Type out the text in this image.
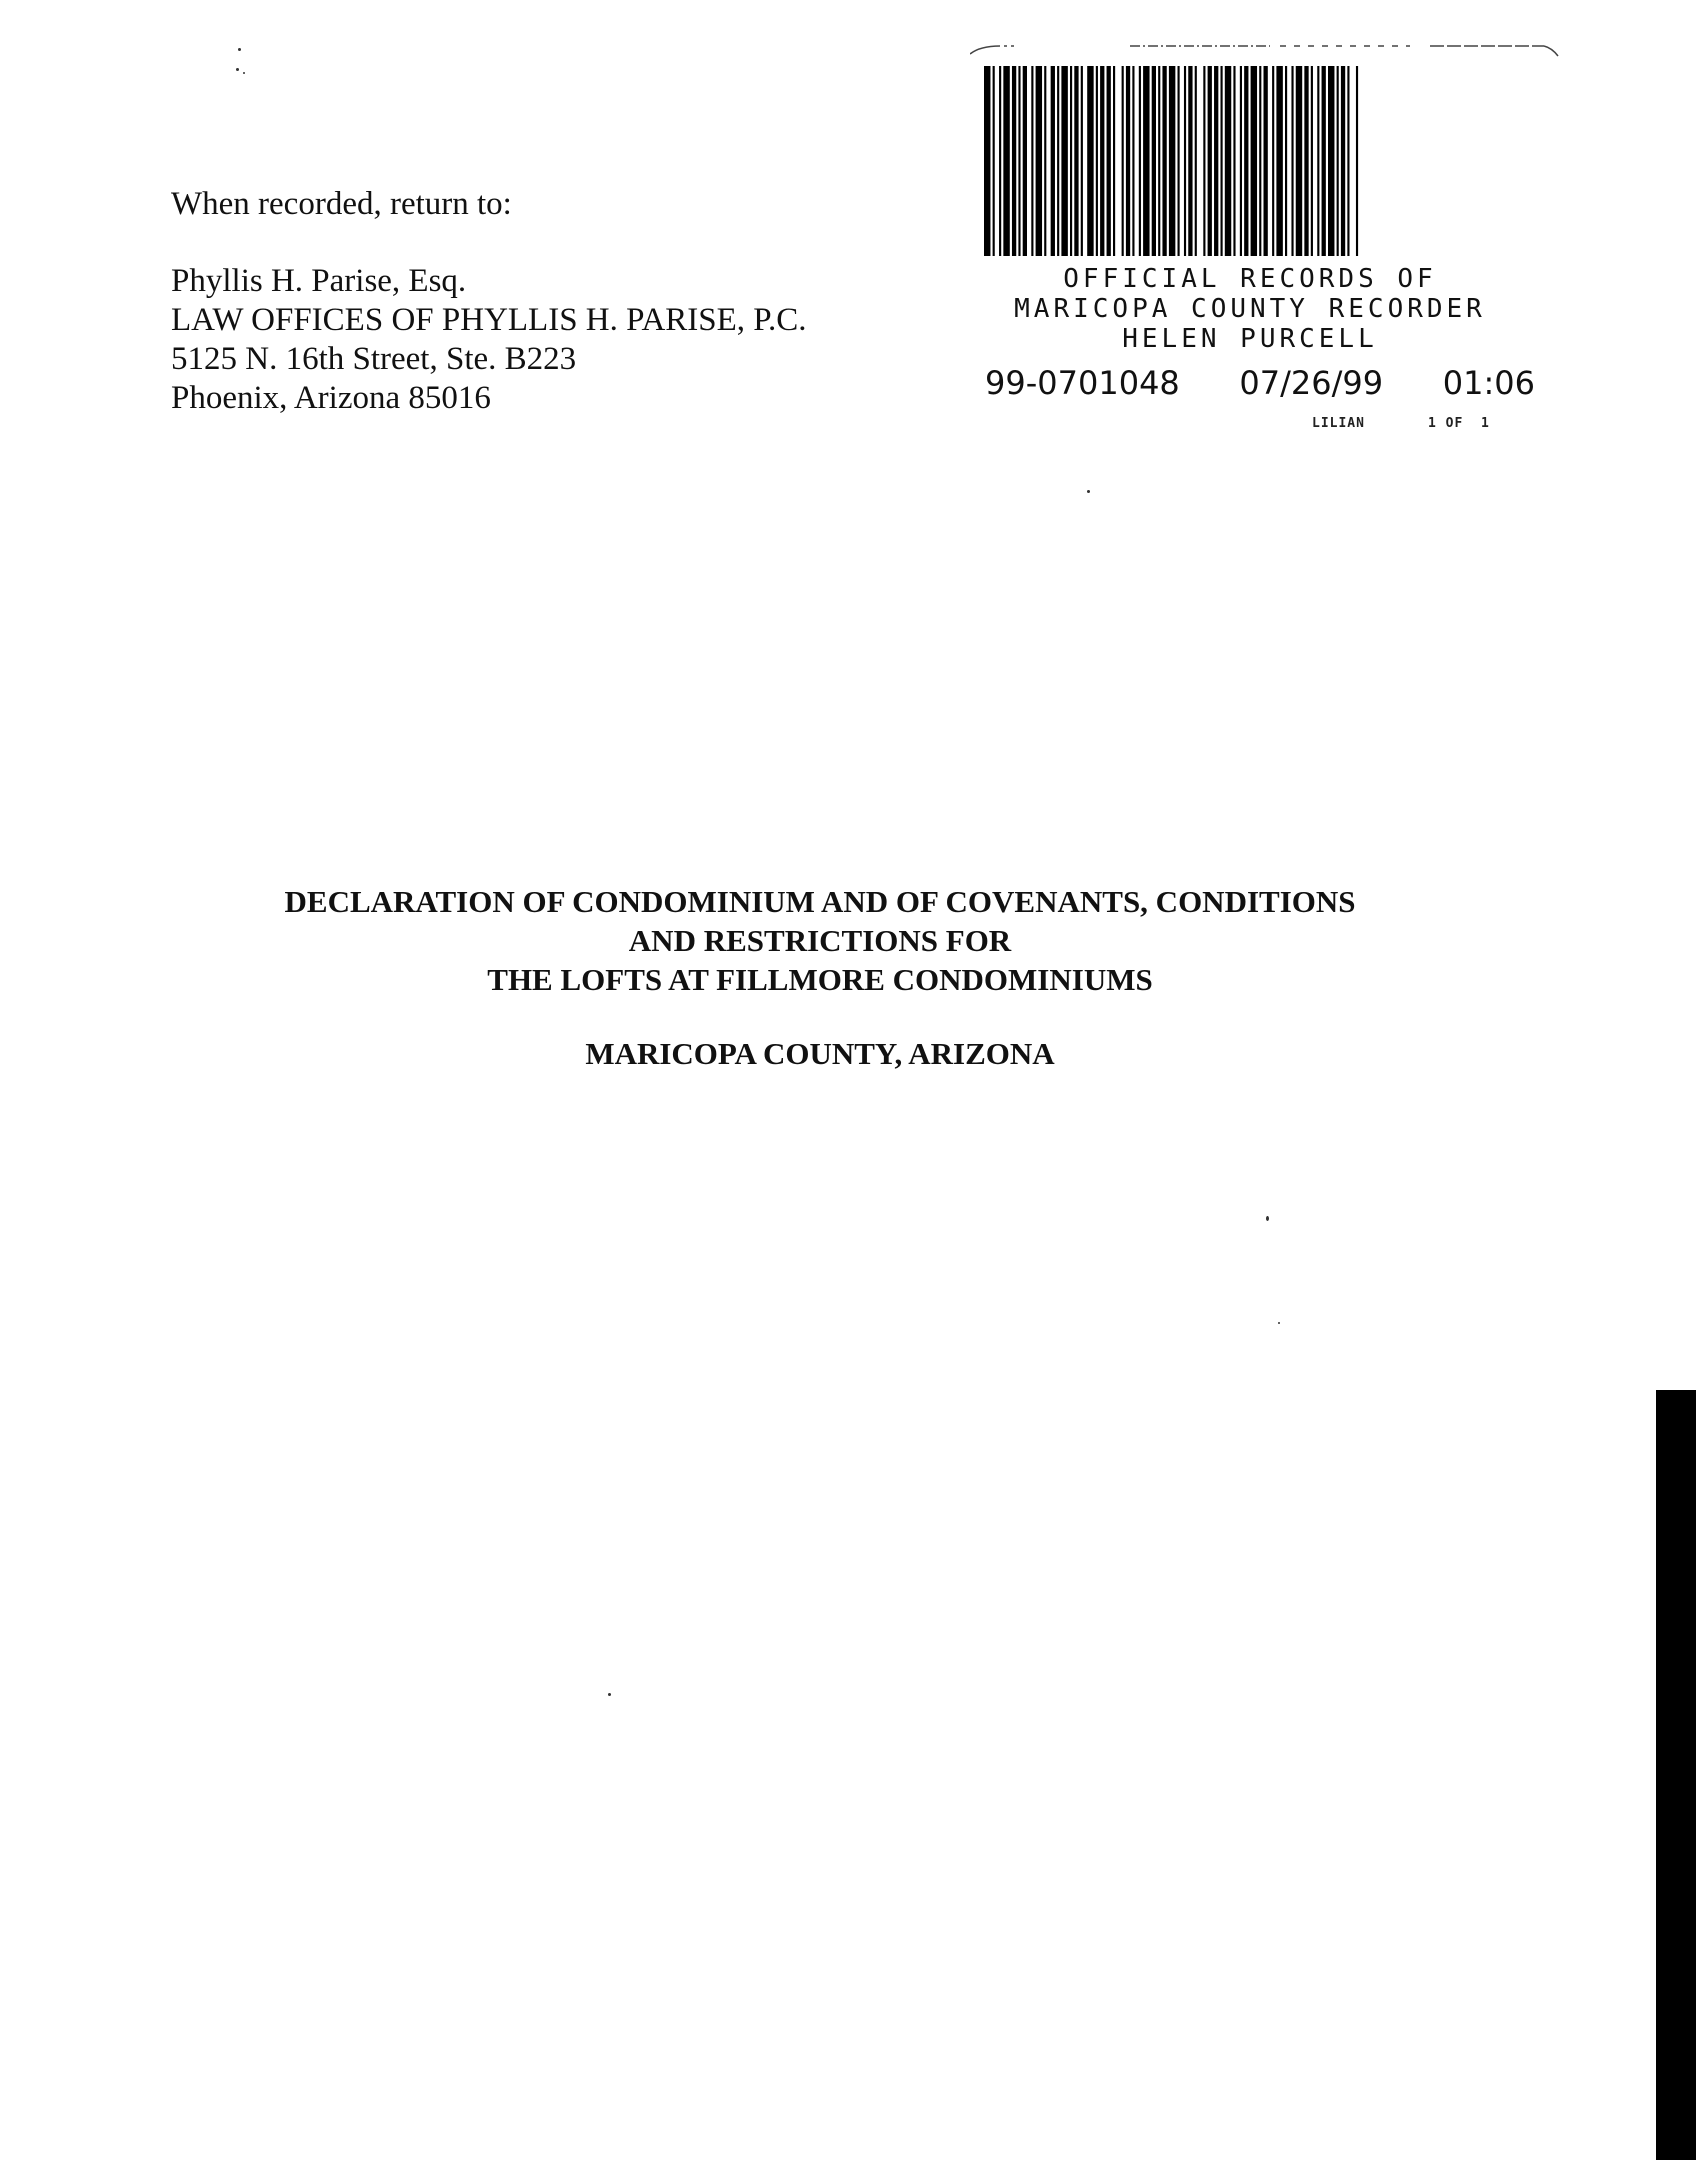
When recorded, return to:
Phyllis H. Parise, Esq.
LAW OFFICES OF PHYLLIS H. PARISE, P.C.
5125 N. 16th Street, Ste. B223
Phoenix, Arizona 85016
OFFICIAL RECORDS OF
MARICOPA COUNTY RECORDER
HELEN PURCELL
99-0701048 07/26/99 01:06
LILIAN	1 OF  1
DECLARATION OF CONDOMINIUM AND OF COVENANTS, CONDITIONS
AND RESTRICTIONS FOR
THE LOFTS AT FILLMORE CONDOMINIUMS
MARICOPA COUNTY, ARIZONA
